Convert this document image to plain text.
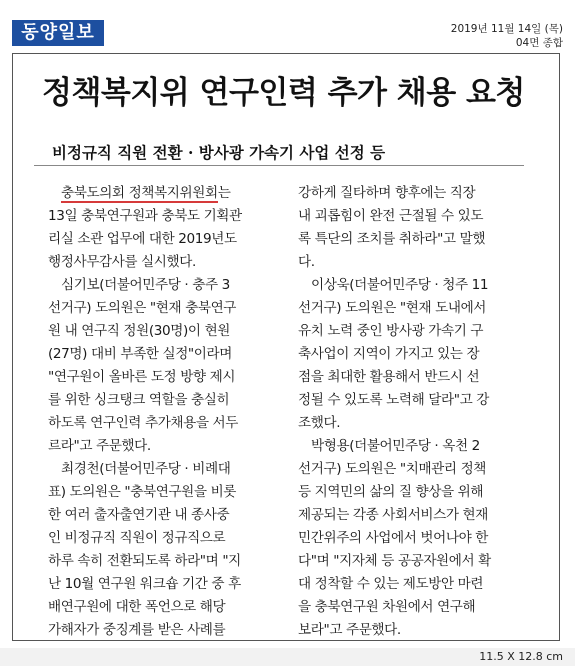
동양일보	2019년 11월 14일 (목)
04면 종합
정책복지위 연구인력 추가 채용 요청
비정규직 직원 전환 · 방사광 가속기 사업 선정 등
충북도의회 정책복지위원회는
13일 충북연구원과 충북도 기획관
리실 소관 업무에 대한 2019년도
행정사무감사를 실시했다.
심기보(더불어민주당 · 충주 3
선거구) 도의원은 "현재 충북연구
원 내 연구직 정원(30명)이 현원
(27명) 대비 부족한 실정"이라며
"연구원이 올바른 도정 방향 제시
를 위한 싱크탱크 역할을 충실히
하도록 연구인력 추가채용을 서두
르라"고 주문했다.
최경천(더불어민주당 · 비례대
표) 도의원은 "충북연구원을 비롯
한 여러 출자출연기관 내 종사중
인 비정규직 직원이 정규직으로
하루 속히 전환되도록 하라"며 "지
난 10월 연구원 워크숍 기간 중 후
배연구원에 대한 폭언으로 해당
가해자가 중징계를 받은 사례를
강하게 질타하며 향후에는 직장
내 괴롭힘이 완전 근절될 수 있도
록 특단의 조치를 취하라"고 말했
다.
이상욱(더불어민주당 · 청주 11
선거구) 도의원은 "현재 도내에서
유치 노력 중인 방사광 가속기 구
축사업이 지역이 가지고 있는 장
점을 최대한 활용해서 반드시 선
정될 수 있도록 노력해 달라"고 강
조했다.
박형용(더불어민주당 · 옥천 2
선거구) 도의원은 "치매관리 정책
등 지역민의 삶의 질 향상을 위해
제공되는 각종 사회서비스가 현재
민간위주의 사업에서 벗어나야 한
다"며 "지자체 등 공공자원에서 확
대 정착할 수 있는 제도방안 마련
을 충북연구원 차원에서 연구해
보라"고 주문했다.
11.5 X 12.8 cm
